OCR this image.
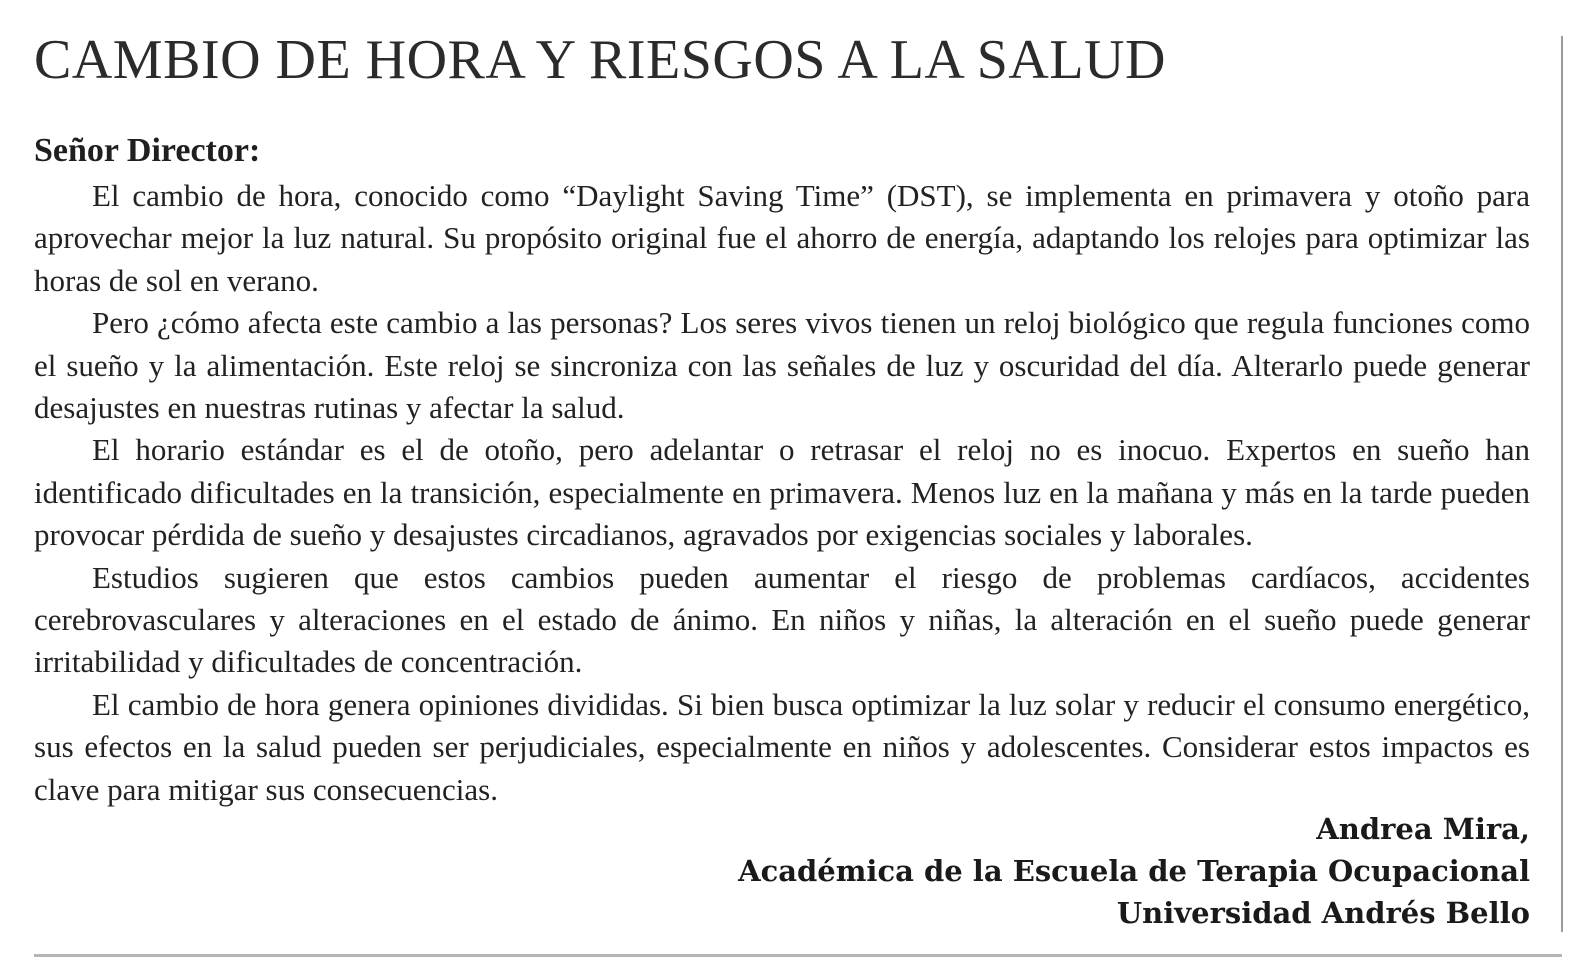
CAMBIO DE HORA Y RIESGOS A LA SALUD
Señor Director:

El cambio de hora, conocido como “Daylight Saving Time” (DST), se implementa en primavera y otoño para aprovechar mejor la luz natural. Su propósito original fue el ahorro de energía, adaptando los relojes para optimizar las horas de sol en verano.

Pero ¿cómo afecta este cambio a las personas? Los seres vivos tienen un reloj biológico que regula funciones como el sueño y la alimentación. Este reloj se sincroniza con las señales de luz y oscuridad del día. Alterarlo puede generar desajustes en nuestras rutinas y afectar la salud.

El horario estándar es el de otoño, pero adelantar o retrasar el reloj no es inocuo. Expertos en sueño han identificado dificultades en la transición, especialmente en primavera. Menos luz en la mañana y más en la tarde pueden provocar pérdida de sueño y desajustes circadianos, agravados por exigencias sociales y laborales.

Estudios sugieren que estos cambios pueden aumentar el riesgo de problemas cardíacos, accidentes cerebrovasculares y alteraciones en el estado de ánimo. En niños y niñas, la alteración en el sueño puede generar irritabilidad y dificultades de concentración.

El cambio de hora genera opiniones divididas. Si bien busca optimizar la luz solar y reducir el consumo energético, sus efectos en la salud pueden ser perjudiciales, especialmente en niños y adolescentes. Considerar estos impactos es clave para mitigar sus consecuencias.

Andrea Mira,
Académica de la Escuela de Terapia Ocupacional
Universidad Andrés Bello
